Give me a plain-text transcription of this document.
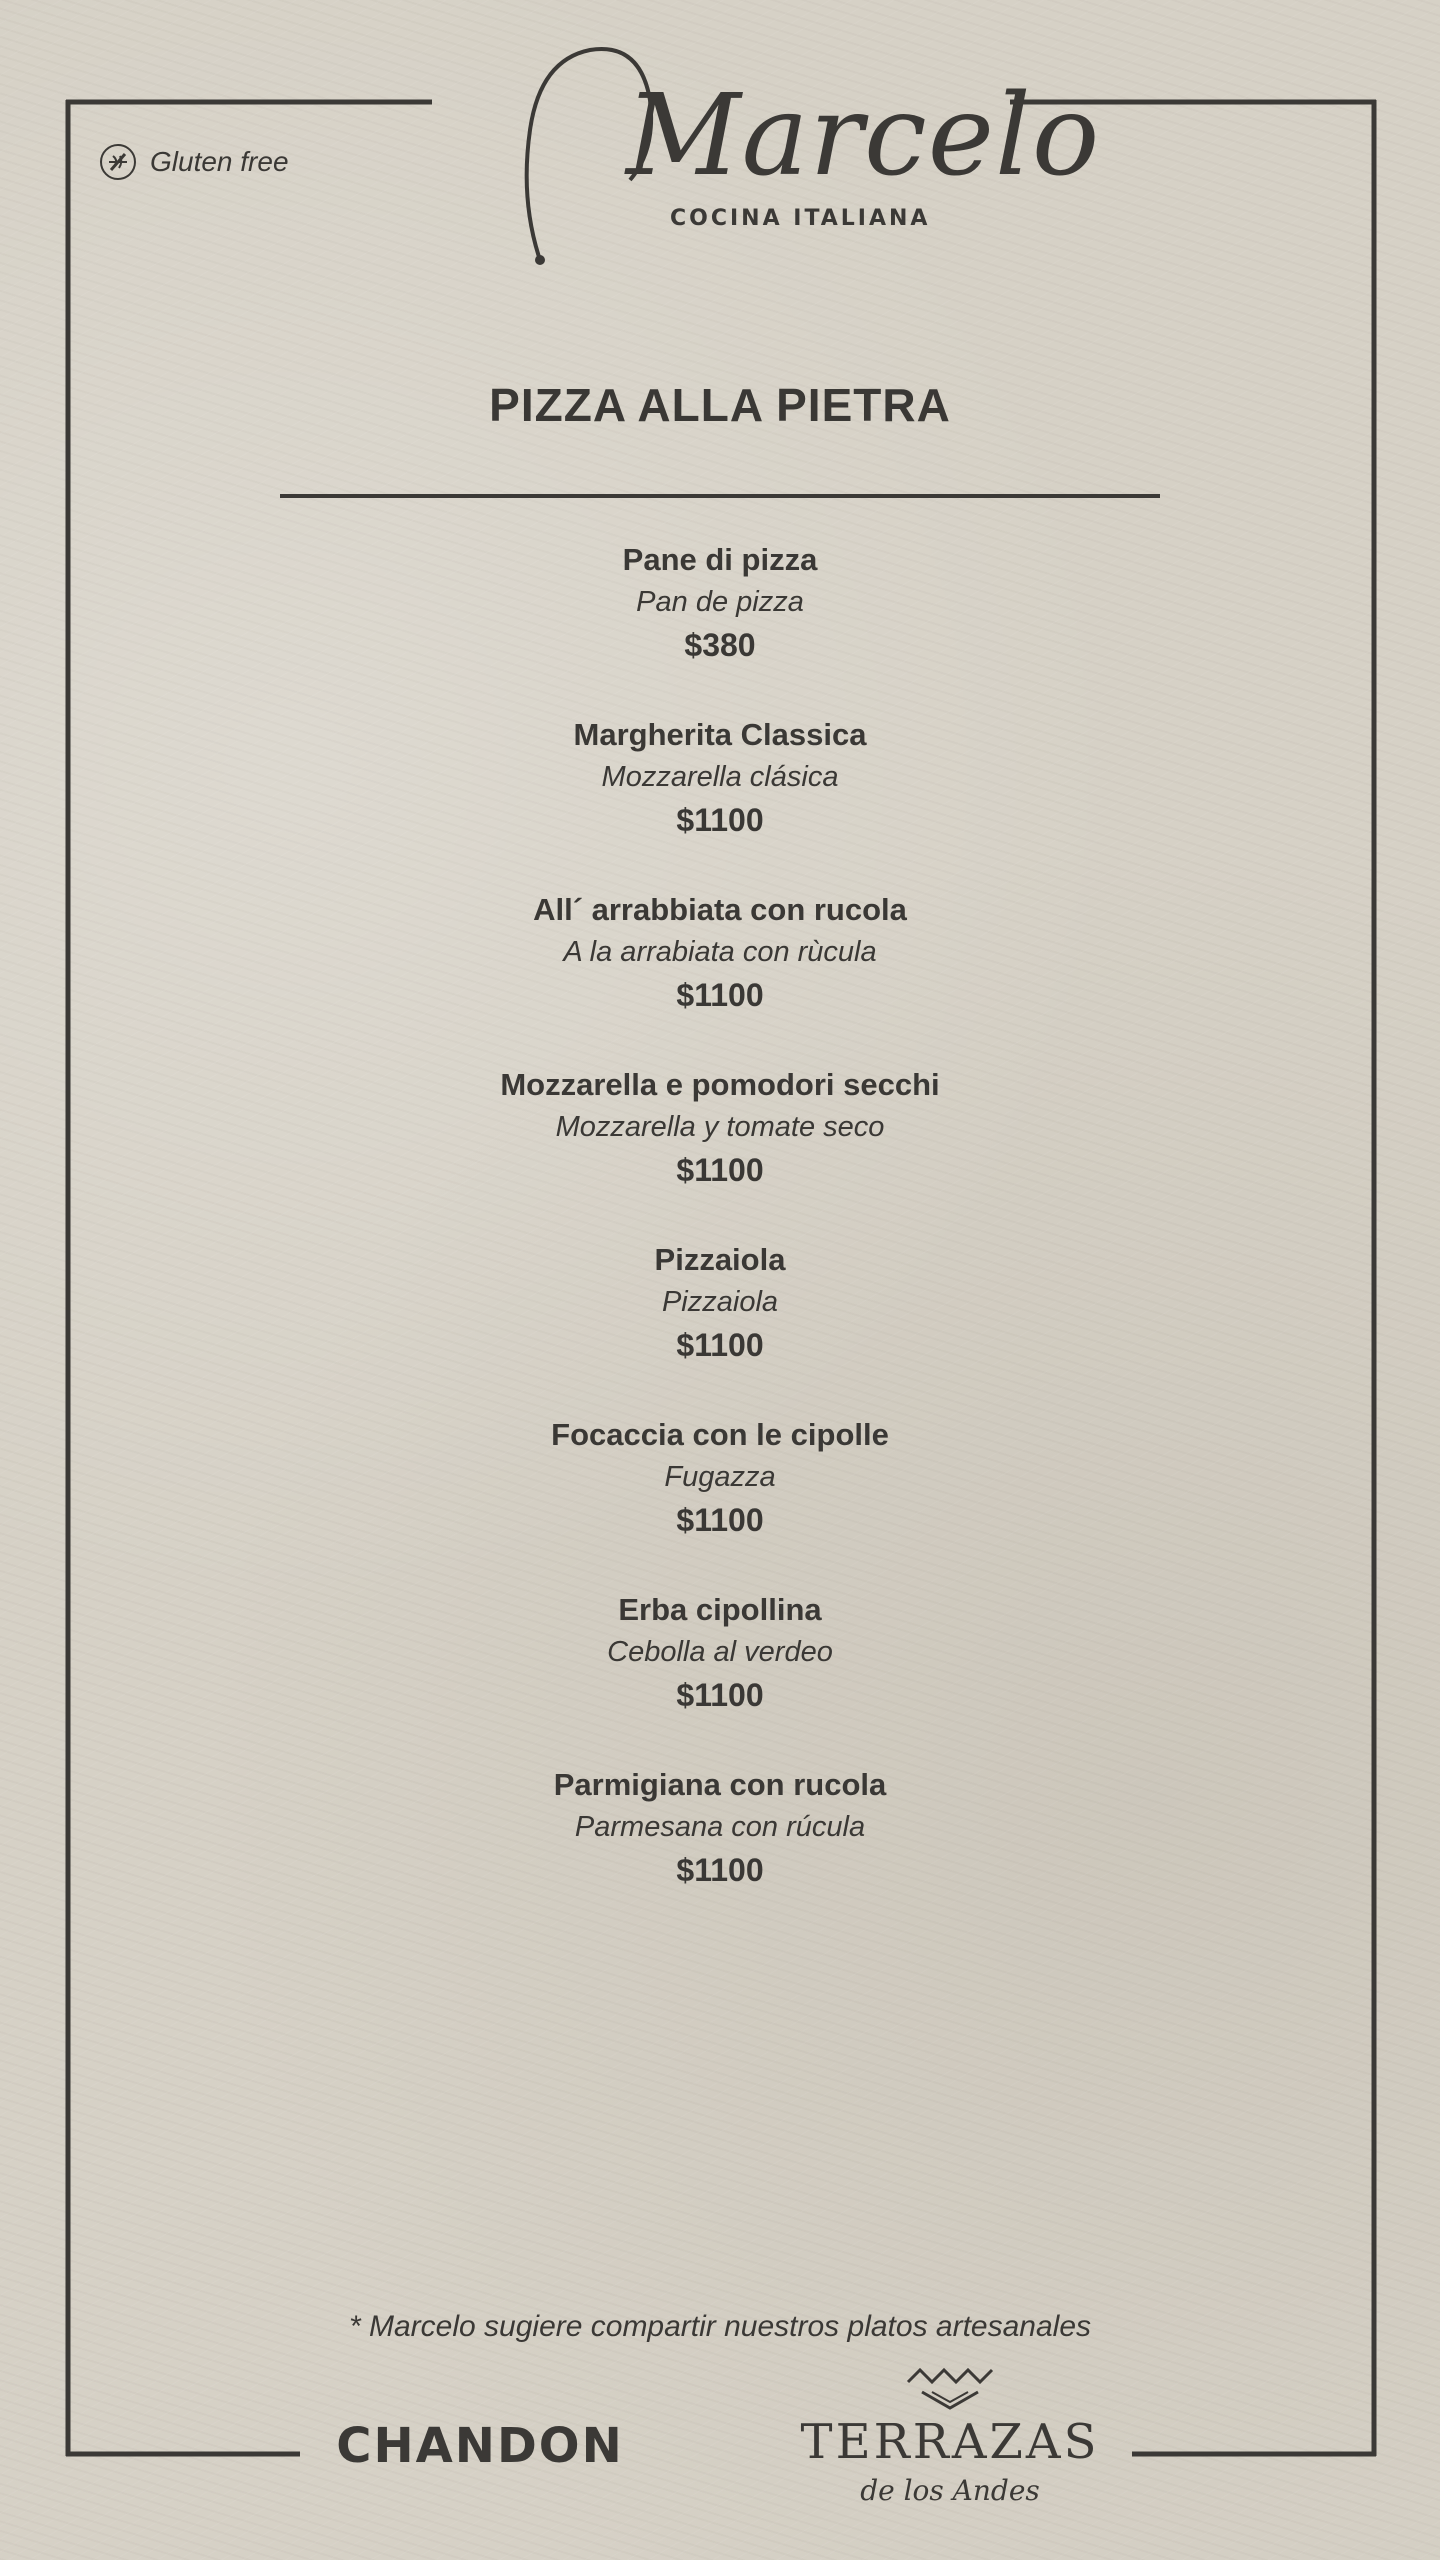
Gluten free	Marcelo
COCINA ITALIANA
PIZZA ALLA PIETRA
Pane di pizza
Pan de pizza
$380
Margherita Classica
Mozzarella clásica
$1100
All´ arrabbiata con rucola
A la arrabiata con rùcula
$1100
Mozzarella e pomodori secchi
Mozzarella y tomate seco
$1100
Pizzaiola
Pizzaiola
$1100
Focaccia con le cipolle
Fugazza
$1100
Erba cipollina
Cebolla al verdeo
$1100
Parmigiana con rucola
Parmesana con rúcula
$1100
* Marcelo sugiere compartir nuestros platos artesanales
CHANDON	TERRAZAS
de los Andes
